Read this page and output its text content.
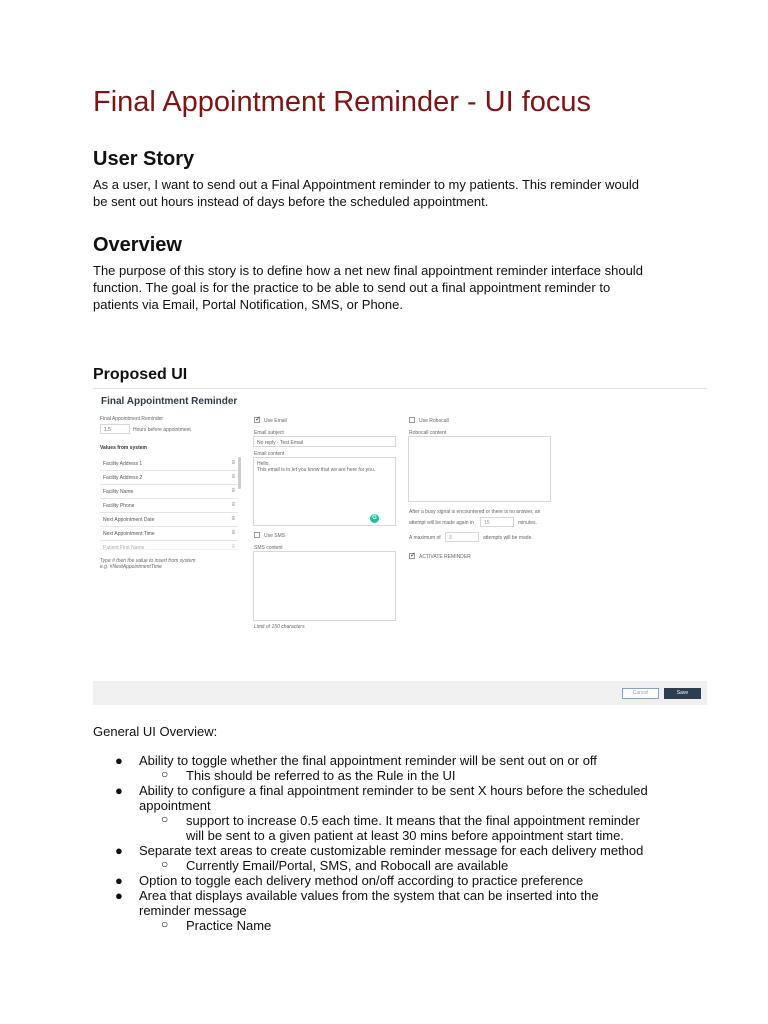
Final Appointment Reminder - UI focus
User Story
As a user, I want to send out a Final Appointment reminder to my patients. This reminder would
be sent out hours instead of days before the scheduled appointment.
Overview
The purpose of this story is to define how a net new final appointment reminder interface should
function. The goal is for the practice to be able to send out a final appointment reminder to
patients via Email, Portal Notification, SMS, or Phone.
Proposed UI
Final Appointment Reminder
Final Appointment Reminder
1.5	Hours before appointment
Values from system
Facility Address 1	≡
Facility Address 2	≡
Facility Name	≡
Facility Phone	≡
Next Appointment Date	≡
Next Appointment Time	≡
Patient First Name	≡
Type # then the value to insert from system
e.g. #NextAppointmentTime
✓
Use Email
Email subject
No reply - Test Email
Email content
Hello,
This email is to let you know that we are here for you.
G
Use SMS
SMS content
Limit of 150 characters
Use Robocall
Robocall content
After a busy signal is encountered or there is no answer, an
attempt will be made again in 15	minutes.
A maximum of 3	attempts will be made.
✓
ACTIVATE REMINDER
Cancel	Save
General UI Overview:
● Ability to toggle whether the final appointment reminder will be sent out on or off
○ This should be referred to as the Rule in the UI
● Ability to configure a final appointment reminder to be sent X hours before the scheduled
appointment
○ support to increase 0.5 each time. It means that the final appointment reminder
will be sent to a given patient at least 30 mins before appointment start time.
● Separate text areas to create customizable reminder message for each delivery method
○ Currently Email/Portal, SMS, and Robocall are available
● Option to toggle each delivery method on/off according to practice preference
● Area that displays available values from the system that can be inserted into the
reminder message
○ Practice Name
